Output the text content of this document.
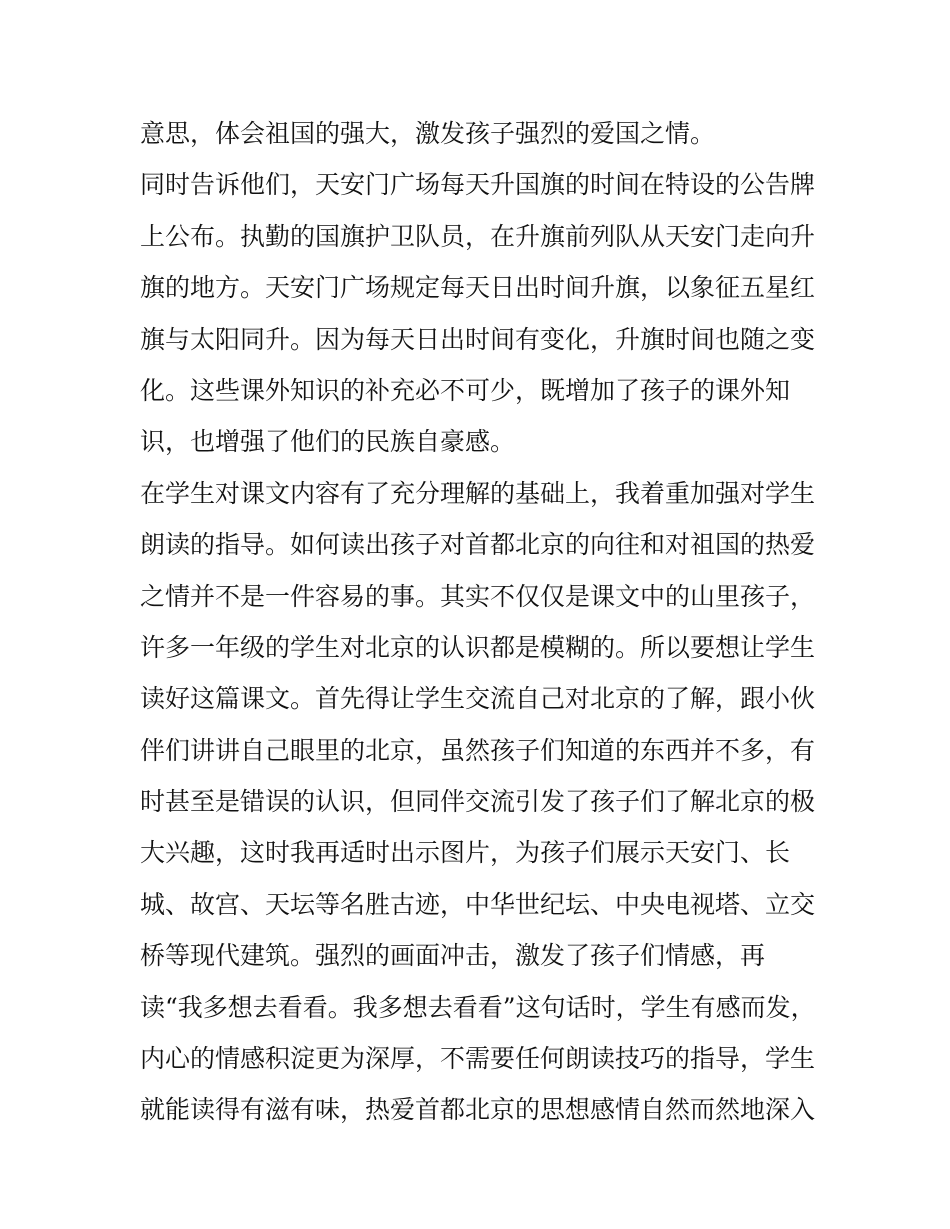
意思，体会祖国的强大，激发孩子强烈的爱国之情。
同时告诉他们，天安门广场每天升国旗的时间在特设的公告牌
上公布。执勤的国旗护卫队员，在升旗前列队从天安门走向升
旗的地方。天安门广场规定每天日出时间升旗，以象征五星红
旗与太阳同升。因为每天日出时间有变化，升旗时间也随之变
化。这些课外知识的补充必不可少，既增加了孩子的课外知
识，也增强了他们的民族自豪感。
在学生对课文内容有了充分理解的基础上，我着重加强对学生
朗读的指导。如何读出孩子对首都北京的向往和对祖国的热爱
之情并不是一件容易的事。其实不仅仅是课文中的山里孩子，
许多一年级的学生对北京的认识都是模糊的。所以要想让学生
读好这篇课文。首先得让学生交流自己对北京的了解，跟小伙
伴们讲讲自己眼里的北京，虽然孩子们知道的东西并不多，有
时甚至是错误的认识，但同伴交流引发了孩子们了解北京的极
大兴趣，这时我再适时出示图片，为孩子们展示天安门、长
城、故宫、天坛等名胜古迹，中华世纪坛、中央电视塔、立交
桥等现代建筑。强烈的画面冲击，激发了孩子们情感，再
读“我多想去看看。我多想去看看”这句话时，学生有感而发，
内心的情感积淀更为深厚，不需要任何朗读技巧的指导，学生
就能读得有滋有味，热爱首都北京的思想感情自然而然地深入
